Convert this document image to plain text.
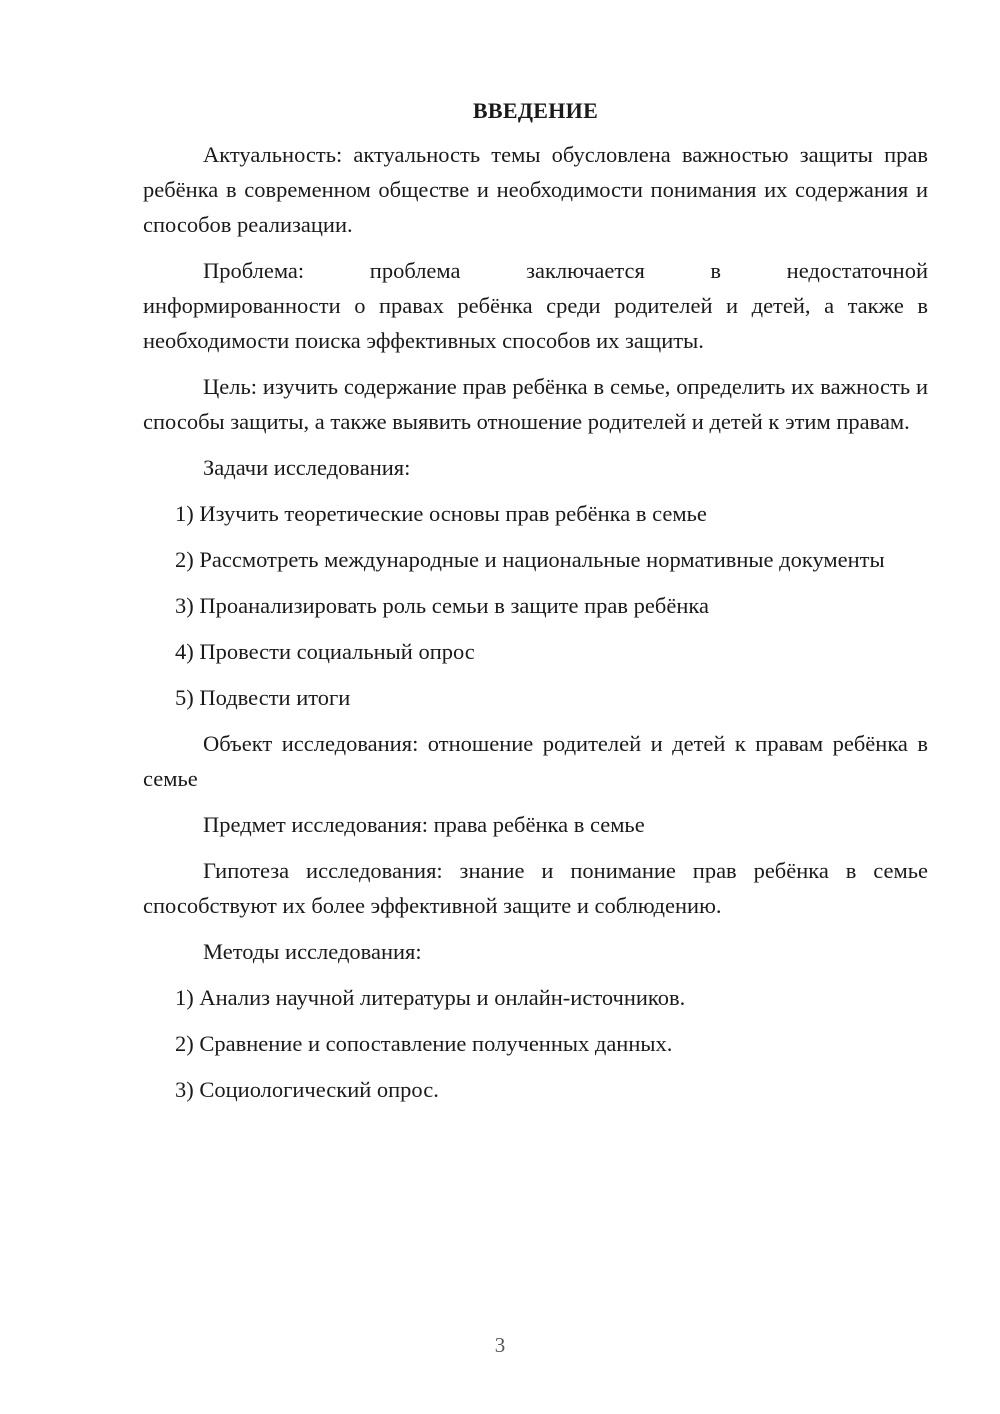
ВВЕДЕНИЕ

Актуальность: актуальность темы обусловлена важностью защиты прав ребёнка в современном обществе и необходимости понимания их содержания и способов реализации.

Проблема: проблема заключается в недостаточной

информированности о правах ребёнка среди родителей и детей, а также в необходимости поиска эффективных способов их защиты.

Цель: изучить содержание прав ребёнка в семье, определить их важность и способы защиты, а также выявить отношение родителей и детей к этим правам.

Задачи исследования:

1) Изучить теоретические основы прав ребёнка в семье

2) Рассмотреть международные и национальные нормативные документы

3) Проанализировать роль семьи в защите прав ребёнка

4) Провести социальный опрос

5) Подвести итоги

Объект исследования: отношение родителей и детей к правам ребёнка в семье

Предмет исследования: права ребёнка в семье

Гипотеза исследования: знание и понимание прав ребёнка в семье способствуют их более эффективной защите и соблюдению.

Методы исследования:

1) Анализ научной литературы и онлайн-источников.

2) Сравнение и сопоставление полученных данных.

3) Социологический опрос.

3
